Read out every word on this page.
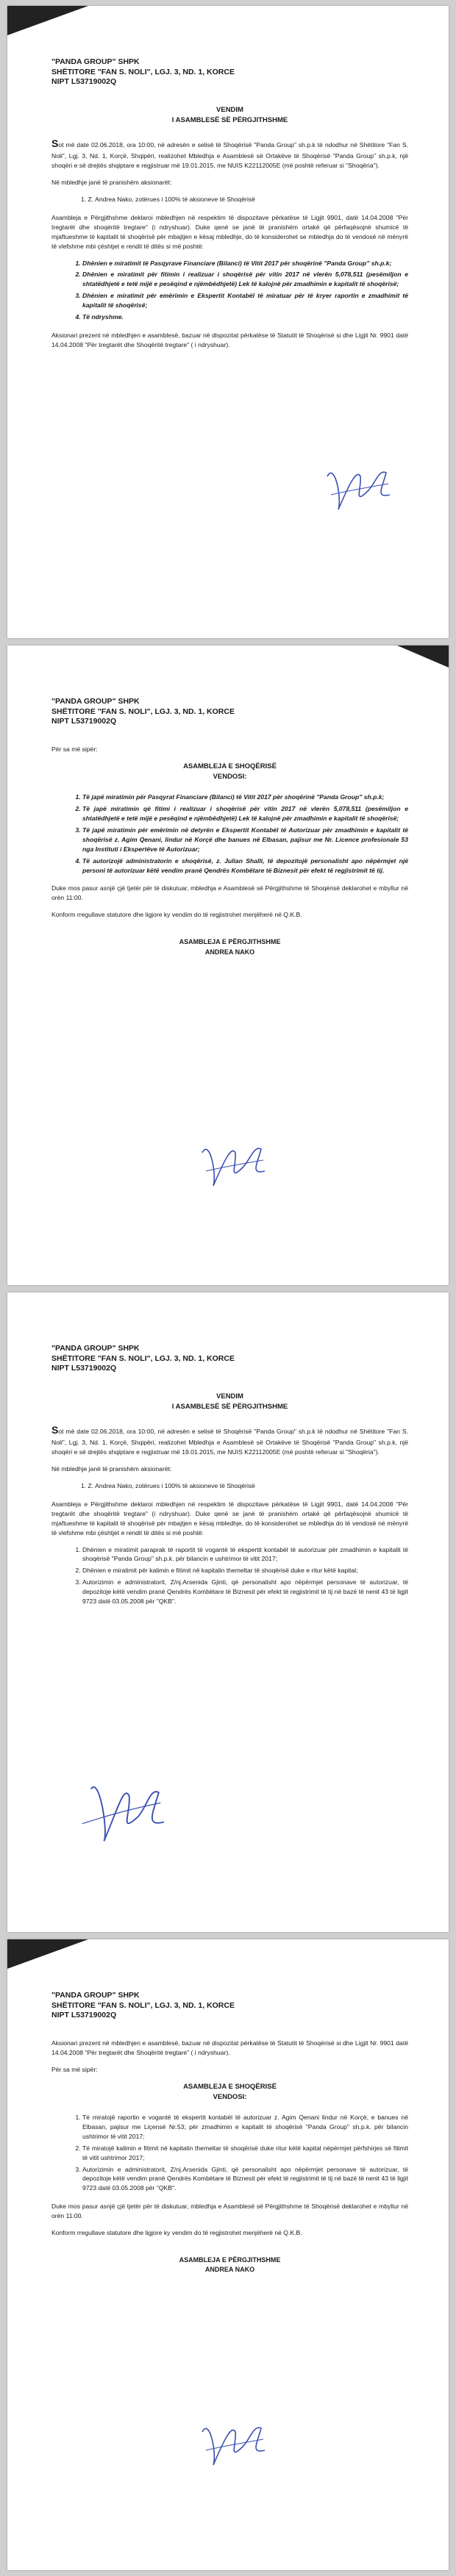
"PANDA GROUP" SHPK
SHËTITORE "FAN S. NOLI", LGJ. 3, ND. 1, KORCE
NIPT L53719002Q
VENDIM
I ASAMBLESË SË PËRGJITHSHME

Sot më date 02.06.2018, ora 10:00, në adresën e selisë të Shoqërisë "Panda Group" sh.p.k të ndodhur në Shëtitore "Fan S. Noli", Lgj. 3, Nd. 1, Korçë, Shqipëri, realizohet Mbledhja e Asamblesë së Ortakëve të Shoqërisë "Panda Group" sh.p.k, një shoqëri e së drejtës shqiptare e regjistruar më 19.01.2015, me NUIS K22112005E (më poshtë referuar si "Shoqëria").

Në mbledhje janë të pranishëm aksionarët:

1. Z. Andrea Nako, zotërues i 100% të aksioneve të Shoqërisë

Asambleja e Përgjithshme deklaroi mbledhjen në respektim të dispozitave përkatëse të Ligjit 9901, datë 14.04.2008 "Për tregtarët dhe shoqëritë tregtare" (i ndryshuar). Duke qenë se janë të pranishëm ortakë që përfaqësojnë shumicë të mjaftueshme të kapitalit të shoqërisë për mbajtjen e kësaj mbledhje, do të konsiderohet se mbledhja do të vendosë në mënyrë të vlefshme mbi çështjet e rendit të ditës si më poshtë:

1. Dhënien e miratimit të Pasqyrave Financiare (Bilanci) të Vitit 2017 për shoqërinë "Panda Group" sh.p.k;
2. Dhënien e miratimit për fitimin i realizuar i shoqërisë për vitin 2017 në vlerën 5,078,511 (pesëmiljon e shtatëdhjetë e tetë mijë e pesëqind e njëmbëdhjetë) Lek të kalojnë për zmadhimin e kapitalit të shoqërisë;
3. Dhënien e miratimit për emërimin e Ekspertit Kontabël të miratuar për të kryer raportin e zmadhimit të kapitalit të shoqërisë;
4. Të ndryshme.

Aksionari prezent në mbledhjen e asamblesë, bazuar në dispozitat përkatëse të Statutit të Shoqërisë si dhe Ligjit Nr. 9901 datë 14.04.2008 "Për tregtarët dhe Shoqëritë tregtare" ( i ndryshuar).

"PANDA GROUP" SHPK
SHËTITORE "FAN S. NOLI", LGJ. 3, ND. 1, KORCE
NIPT L53719002Q

Për sa më sipër:

ASAMBLEJA E SHOQËRISË
VENDOSI:
1. Të japë miratimin për Pasqyrat Financiare (Bilanci) të Vitit 2017 për shoqërinë "Panda Group" sh.p.k;
2. Të japë miratimin që fitimi i realizuar i shoqërisë për vitin 2017 në vlerën 5,078,511 (pesëmiljon e shtatëdhjetë e tetë mijë e pesëqind e njëmbëdhjetë) Lek të kalojnë për zmadhimin e kapitalit të shoqërisë;
3. Të japë miratimin për emërimin në detyrën e Ekspertit Kontabël të Autorizuar për zmadhimin e kapitalit të shoqërisë z. Agim Qenani, lindur në Korçë dhe banues në Elbasan, pajisur me Nr. Licence profesionale 53 nga Instituti i Ekspertëve të Autorizuar;
4. Të autorizojë administratorin e shoqërisë, z. Julian Shalli, të depozitojë personalisht apo nëpërmjet një personi të autorizuar këtë vendim pranë Qendrës Kombëtare të Biznesit për efekt të regjistrimit të tij.

Duke mos pasur asnjë çjë tjetër për të diskutuar, mbledhja e Asamblesë së Përgjithshme të Shoqërisë deklarohet e mbyllur në orën 11:00.

Konform rregullave statutore dhe ligjore ky vendim do të regjistrohet menjëherë në Q.K.B.

ASAMBLEJA E PËRGJITHSHME
ANDREA NAKO
"PANDA GROUP" SHPK
SHËTITORE "FAN S. NOLI", LGJ. 3, ND. 1, KORCE
NIPT L53719002Q
VENDIM
I ASAMBLESË SË PËRGJITHSHME

Sot më date 02.06.2018, ora 10:00, në adresën e selisë të Shoqërisë "Panda Group" sh.p.k të ndodhur në Shëtitore "Fan S. Noli", Lgj. 3, Nd. 1, Korçë, Shqipëri, realizohet Mbledhja e Asamblesë së Ortakëve të Shoqërisë "Panda Group" sh.p.k, një shoqëri e së drejtës shqiptare e regjistruar më 19.01.2015, me NUIS K22112005E (më poshtë referuar si "Shoqëria").

Në mbledhje janë të pranishëm aksionarët:

1. Z. Andrea Nako, zotërues i 100% të aksioneve të Shoqërisë

Asambleja e Përgjithshme deklaroi mbledhjen në respektim të dispozitave përkatëse të Ligjit 9901, datë 14.04.2008 "Për tregtarët dhe shoqëritë tregtare" (i ndryshuar). Duke qenë se janë të pranishëm ortakë që përfaqësojnë shumicë të mjaftueshme të kapitalit të shoqërisë për mbajtjen e kësaj mbledhje, do të konsiderohet se mbledhja do të vendosë në mënyrë të vlefshme mbi çështjet e rendit të ditës si më poshtë:

1. Dhënien e miratimit paraprak të raportit të vogantë të ekspertit kontabël të autorizuar për zmadhimin e kapitalit të shoqërisë "Panda Group" sh.p.k. për bilancin e ushtrimor të vitit 2017;
2. Dhënien e miratimit për kalimin e fitimit në kapitalin themeltar të shoqërisë duke e ritur këtë kapital;
3. Autorizimin e administratorit, Z/nj.Arsenida Gjinti, që personalisht apo nëpërmjet personave të autorizuar, të depozitoje këtë vendim pranë Qendrës Kombëtare të Biznesit për efekt të regjistrimit të tij në bazë të nenit 43 të ligjit 9723 datë 03.05.2008 për "QKB".
"PANDA GROUP" SHPK
SHËTITORE "FAN S. NOLI", LGJ. 3, ND. 1, KORCE
NIPT L53719002Q

Aksionari prezent në mbledhjen e asamblesë, bazuar në dispozitat përkatëse të Statutit të Shoqërisë si dhe Ligjit Nr. 9901 datë 14.04.2008 "Për tregtarët dhe Shoqëritë tregtare" ( i ndryshuar).

Për sa më sipër:

ASAMBLEJA E SHOQËRISË
VENDOSI:
1. Të miratojë raportin e vogantë të ekspertit kontabël të autorizuar z. Agim Qenani lindur në Korçë, e banues në Elbasan, pajisur me Liçensë Nr.53; për zmadhimin e kapitalit të shoqërisë "Panda Group" sh.p.k. për bilancin ushtrimor të vitit 2017;
2. Të miratojë kalimin e fitimit në kapitalin themeltar të shoqërisë duke ritur këtë kapital nëpërmjet përfshirjes së fitimit të vitit ushtrimor 2017;
3. Autorizimin e administratorit, Z/nj.Arsenida Gjinti, që personalisht apo nëpërmjet personave të autorizuar, të depozitoje këtë vendim pranë Qendrës Kombëtare të Biznesit për efekt të regjistrimit të tij në bazë të nenit 43 të ligjit 9723 datë 03.05.2008 për "QKB".

Duke mos pasur asnjë çjë tjetër për të diskutuar, mbledhja e Asamblesë së Përgjithshme të Shoqërisë deklarohet e mbyllur në orën 11:00.

Konform rregullave statutore dhe ligjore ky vendim do të regjistrohet menjëherë në Q.K.B.

ASAMBLEJA E PËRGJITHSHME
ANDREA NAKO
